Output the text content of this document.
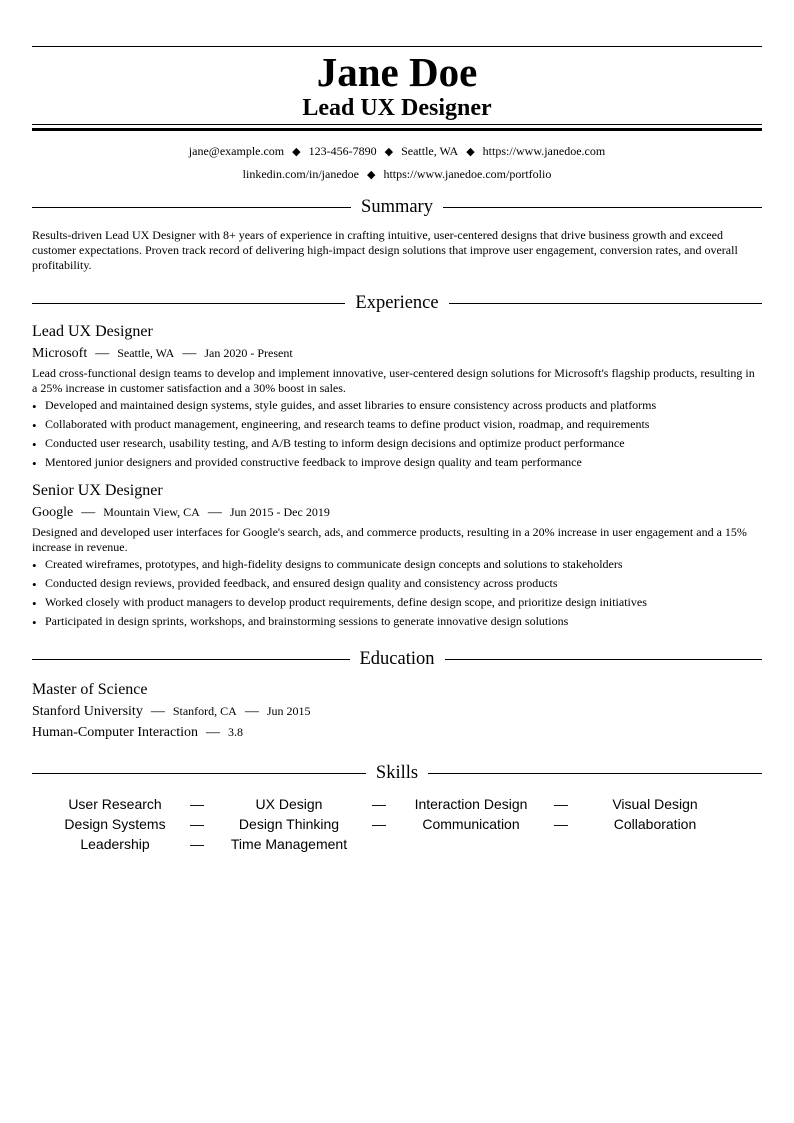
Jane Doe
Lead UX Designer
jane@example.com ◆ 123-456-7890 ◆ Seattle, WA ◆ https://www.janedoe.com
linkedin.com/in/janedoe ◆ https://www.janedoe.com/portfolio
Summary
Results-driven Lead UX Designer with 8+ years of experience in crafting intuitive, user-centered designs that drive business growth and exceed customer expectations. Proven track record of delivering high-impact design solutions that improve user engagement, conversion rates, and overall profitability.
Experience
Lead UX Designer
Microsoft — Seattle, WA — Jan 2020 - Present
Lead cross-functional design teams to develop and implement innovative, user-centered design solutions for Microsoft's flagship products, resulting in a 25% increase in customer satisfaction and a 30% boost in sales.
• Developed and maintained design systems, style guides, and asset libraries to ensure consistency across products and platforms
• Collaborated with product management, engineering, and research teams to define product vision, roadmap, and requirements
• Conducted user research, usability testing, and A/B testing to inform design decisions and optimize product performance
• Mentored junior designers and provided constructive feedback to improve design quality and team performance
Senior UX Designer
Google — Mountain View, CA — Jun 2015 - Dec 2019
Designed and developed user interfaces for Google's search, ads, and commerce products, resulting in a 20% increase in user engagement and a 15% increase in revenue.
• Created wireframes, prototypes, and high-fidelity designs to communicate design concepts and solutions to stakeholders
• Conducted design reviews, provided feedback, and ensured design quality and consistency across products
• Worked closely with product managers to develop product requirements, define design scope, and prioritize design initiatives
• Participated in design sprints, workshops, and brainstorming sessions to generate innovative design solutions
Education
Master of Science
Stanford University — Stanford, CA — Jun 2015
Human-Computer Interaction — 3.8
Skills
User Research	—	UX Design	—	Interaction Design	—	Visual Design
Design Systems	—	Design Thinking	—	Communication	—	Collaboration
Leadership	—	Time Management
